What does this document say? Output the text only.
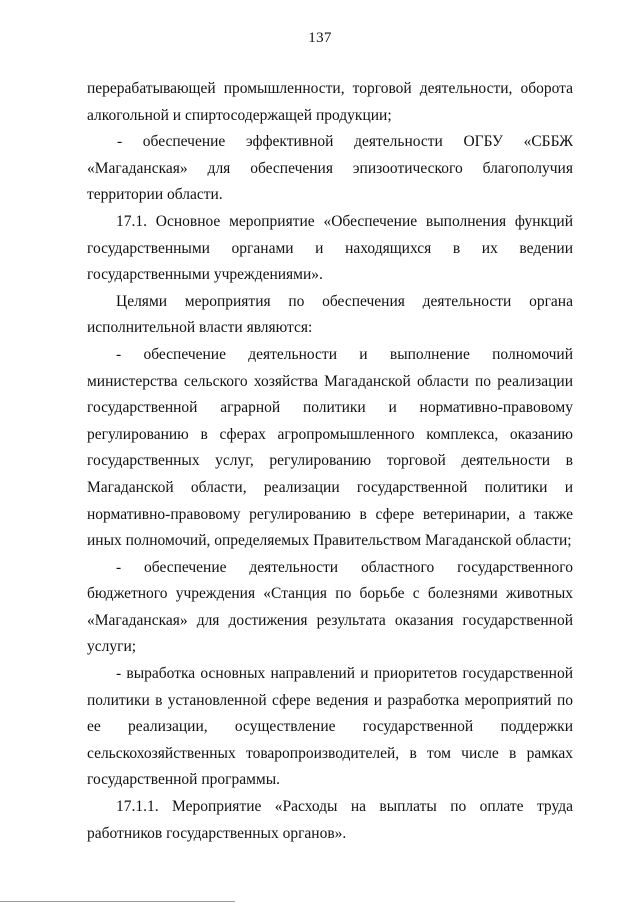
137

перерабатывающей промышленности, торговой деятельности, оборота алкогольной и спиртосодержащей продукции;

- обеспечение эффективной деятельности ОГБУ «СББЖ «Магаданская» для обеспечения эпизоотического благополучия территории области.

17.1. Основное мероприятие «Обеспечение выполнения функций государственными органами и находящихся в их ведении государственными учреждениями».

Целями мероприятия по обеспечения деятельности органа исполнительной власти являются:

- обеспечение деятельности и выполнение полномочий министерства сельского хозяйства Магаданской области по реализации государственной аграрной политики и нормативно-правовому регулированию в сферах агропромышленного комплекса, оказанию государственных услуг, регулированию торговой деятельности в Магаданской области, реализации государственной политики и нормативно-правовому регулированию в сфере ветеринарии, а также иных полномочий, определяемых Правительством Магаданской области;

- обеспечение деятельности областного государственного бюджетного учреждения «Станция по борьбе с болезнями животных «Магаданская» для достижения результата оказания государственной услуги;

- выработка основных направлений и приоритетов государственной политики в установленной сфере ведения и разработка мероприятий по ее реализации, осуществление государственной поддержки сельскохозяйственных товаропроизводителей, в том числе в рамках государственной программы.

17.1.1. Мероприятие «Расходы на выплаты по оплате труда работников государственных органов».
